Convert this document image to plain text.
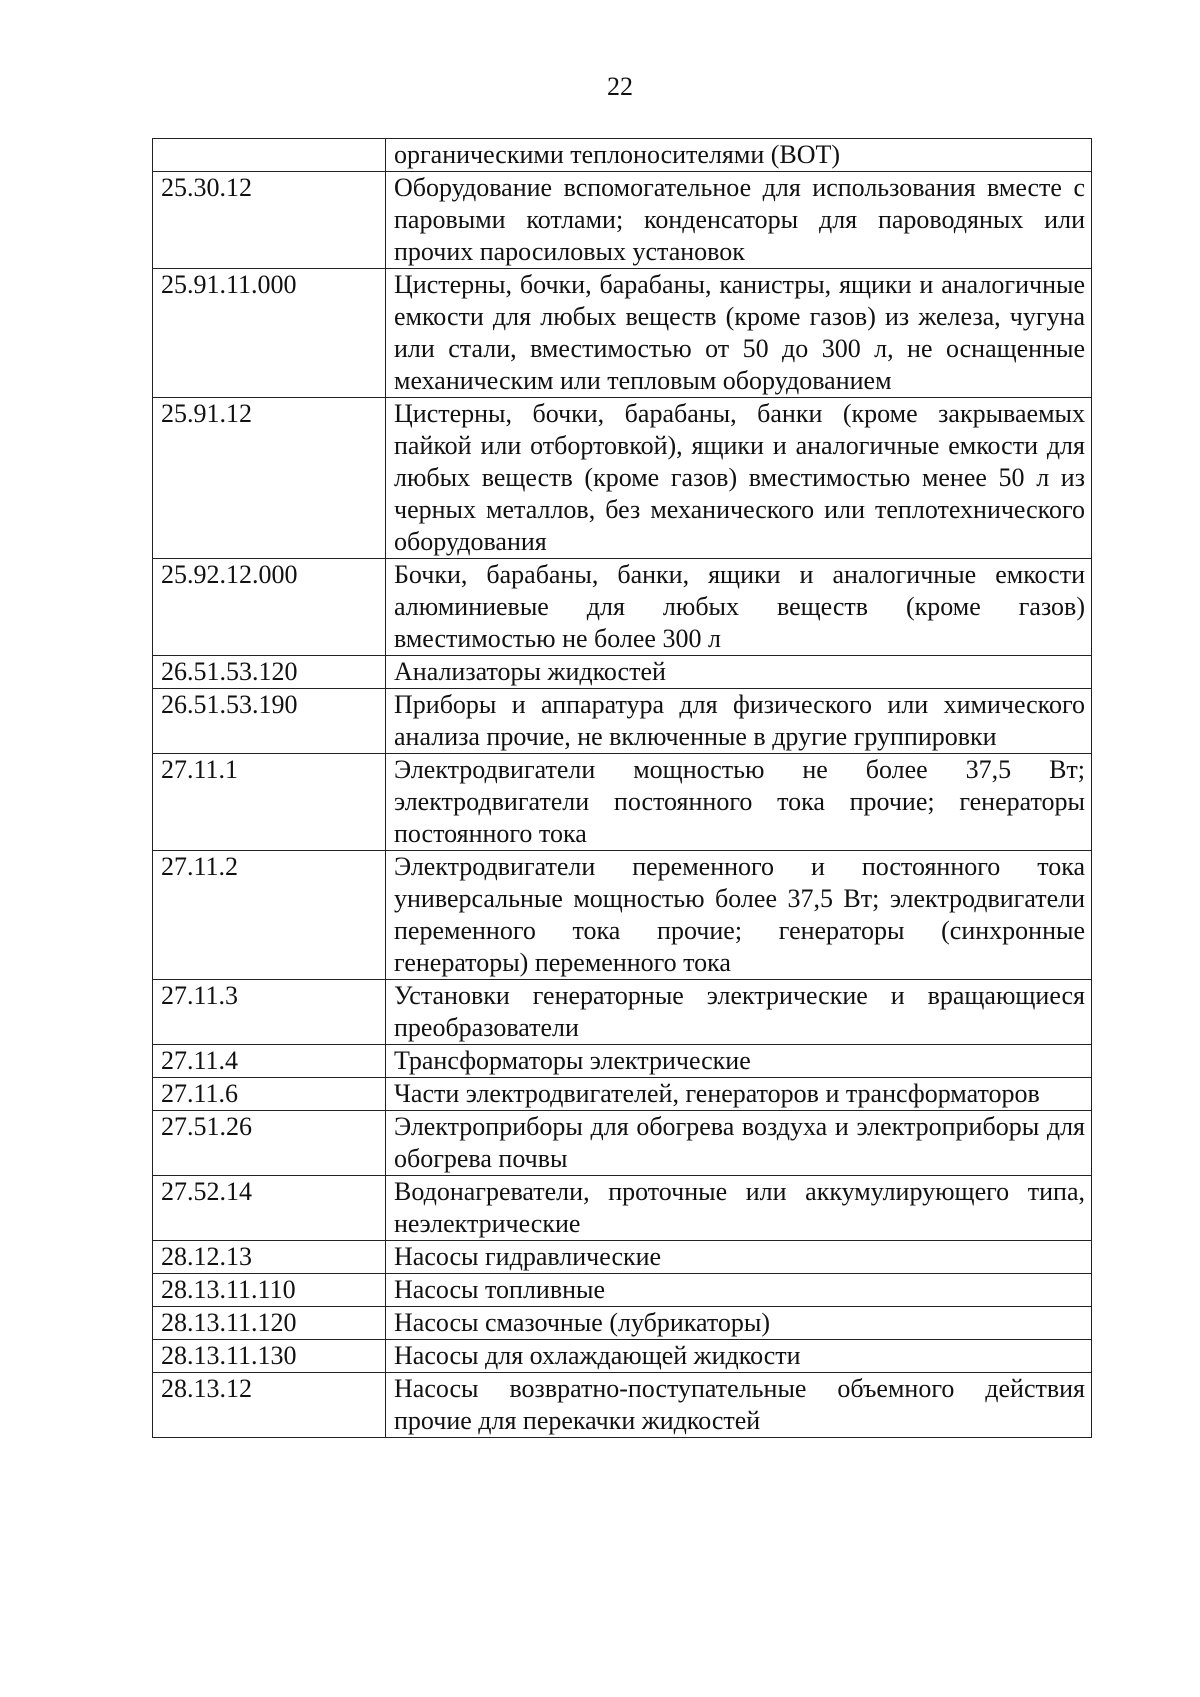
22
	органическими теплоносителями (ВОТ)
25.30.12	Оборудование вспомогательное для использования вместе с паровыми котлами; конденсаторы для пароводяных или прочих паросиловых установок
25.91.11.000	Цистерны, бочки, барабаны, канистры, ящики и аналогичные емкости для любых веществ (кроме газов) из железа, чугуна или стали, вместимостью от 50 до 300 л, не оснащенные механическим или тепловым оборудованием
25.91.12	Цистерны, бочки, барабаны, банки (кроме закрываемых пайкой или отбортовкой), ящики и аналогичные емкости для любых веществ (кроме газов) вместимостью менее 50 л из черных металлов, без механического или теплотехнического оборудования
25.92.12.000	Бочки, барабаны, банки, ящики и аналогичные емкости алюминиевые для любых веществ (кроме газов) вместимостью не более 300 л
26.51.53.120	Анализаторы жидкостей
26.51.53.190	Приборы и аппаратура для физического или химического анализа прочие, не включенные в другие группировки
27.11.1	Электродвигатели мощностью не более 37,5 Вт; электродвигатели постоянного тока прочие; генераторы постоянного тока
27.11.2	Электродвигатели переменного и постоянного тока универсальные мощностью более 37,5 Вт; электродвигатели переменного тока прочие; генераторы (синхронные генераторы) переменного тока
27.11.3	Установки генераторные электрические и вращающиеся преобразователи
27.11.4	Трансформаторы электрические
27.11.6	Части электродвигателей, генераторов и трансформаторов
27.51.26	Электроприборы для обогрева воздуха и электроприборы для обогрева почвы
27.52.14	Водонагреватели, проточные или аккумулирующего типа, неэлектрические
28.12.13	Насосы гидравлические
28.13.11.110	Насосы топливные
28.13.11.120	Насосы смазочные (лубрикаторы)
28.13.11.130	Насосы для охлаждающей жидкости
28.13.12	Насосы возвратно-поступательные объемного действия прочие для перекачки жидкостей
